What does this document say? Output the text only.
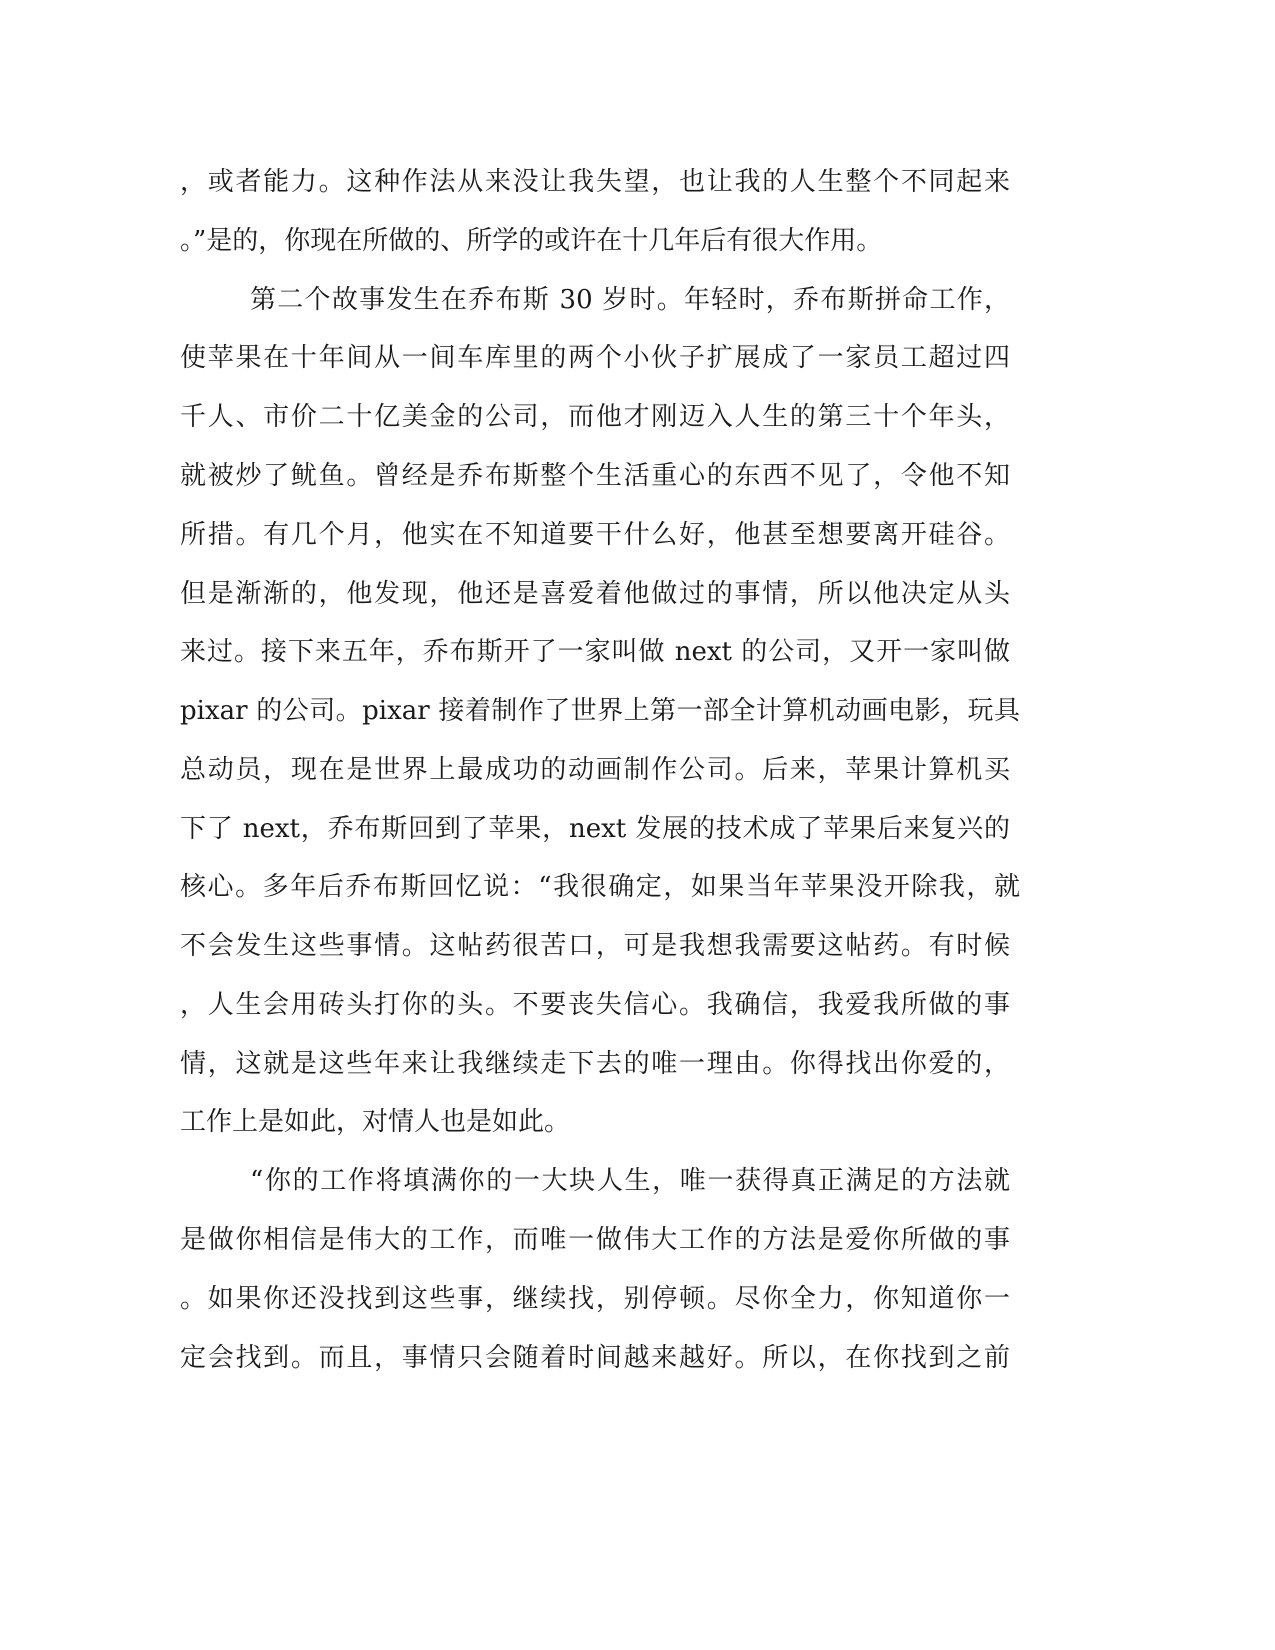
，或者能力。这种作法从来没让我失望，也让我的人生整个不同起来
。”是的，你现在所做的、所学的或许在十几年后有很大作用。
第二个故事发生在乔布斯 30 岁时。年轻时，乔布斯拼命工作，
使苹果在十年间从一间车库里的两个小伙子扩展成了一家员工超过四
千人、市价二十亿美金的公司，而他才刚迈入人生的第三十个年头，
就被炒了鱿鱼。曾经是乔布斯整个生活重心的东西不见了，令他不知
所措。有几个月，他实在不知道要干什么好，他甚至想要离开硅谷。
但是渐渐的，他发现，他还是喜爱着他做过的事情，所以他决定从头
来过。接下来五年，乔布斯开了一家叫做 next 的公司，又开一家叫做
pixar 的公司。pixar 接着制作了世界上第一部全计算机动画电影，玩具
总动员，现在是世界上最成功的动画制作公司。后来，苹果计算机买
下了 next，乔布斯回到了苹果，next 发展的技术成了苹果后来复兴的
核心。多年后乔布斯回忆说：“我很确定，如果当年苹果没开除我，就
不会发生这些事情。这帖药很苦口，可是我想我需要这帖药。有时候
，人生会用砖头打你的头。不要丧失信心。我确信，我爱我所做的事
情，这就是这些年来让我继续走下去的唯一理由。你得找出你爱的，
工作上是如此，对情人也是如此。
“你的工作将填满你的一大块人生，唯一获得真正满足的方法就
是做你相信是伟大的工作，而唯一做伟大工作的方法是爱你所做的事
。如果你还没找到这些事，继续找，别停顿。尽你全力，你知道你一
定会找到。而且，事情只会随着时间越来越好。所以，在你找到之前
